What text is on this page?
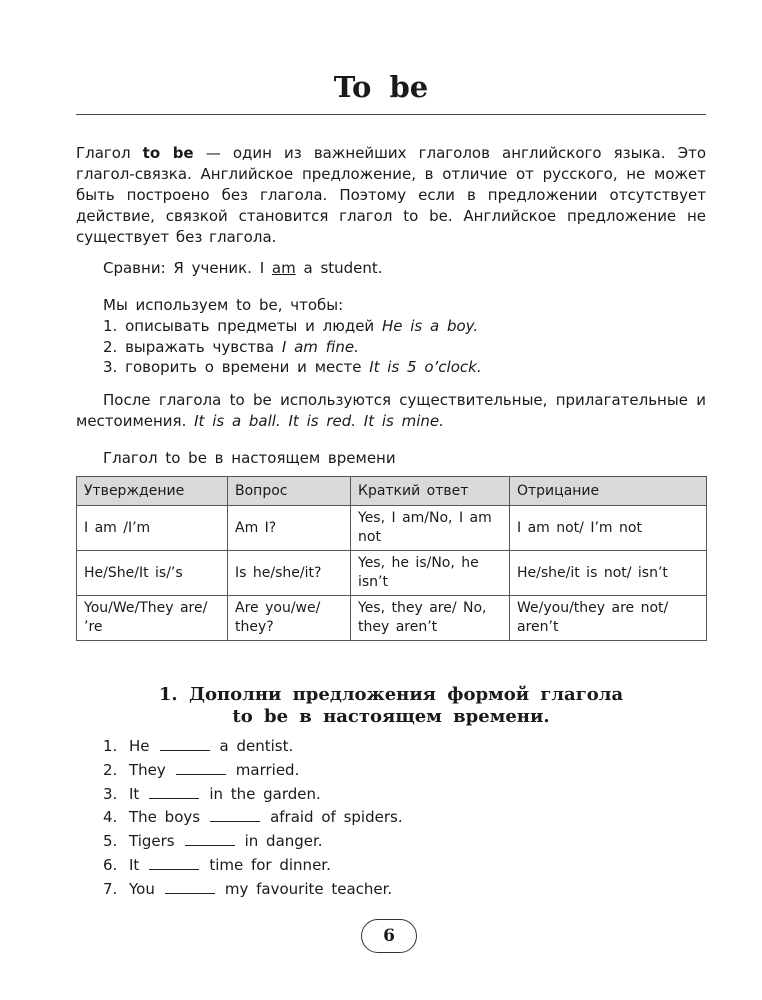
To be

Глагол to be — один из важнейших глаголов английского языка. Это глагол-связка. Английское предложение, в отличие от русского, не может быть построено без глагола. Поэтому если в предложении отсутствует действие, связкой становится глагол to be. Английское предложение не существует без глагола.

Сравни: Я ученик. I am a student.
Мы используем to be, чтобы:
1. описывать предметы и людей He is a boy.
2. выражать чувства I am fine.
3. говорить о времени и месте It is 5 o’clock.

После глагола to be используются существительные, прилагательные и местоимения. It is a ball. It is red. It is mine.

Глагол to be в настоящем времени
Утверждение	Вопрос	Краткий ответ	Отрицание
I am /I’m	Am I?	Yes, I am/No, I am not	I am not/ I’m not
He/She/It is/’s	Is he/she/it?	Yes, he is/No, he isn’t	He/she/it is not/ isn’t
You/We/They are/ ’re	Are you/we/ they?	Yes, they are/ No, they aren’t	We/you/they are not/ aren’t
1. Дополни предложения формой глагола
to be в настоящем времени.
1. He	a dentist.
2. They	married.
3. It	in the garden.
4. The boys	afraid of spiders.
5. Tigers	in danger.
6. It	time for dinner.
7. You	my favourite teacher.
6
